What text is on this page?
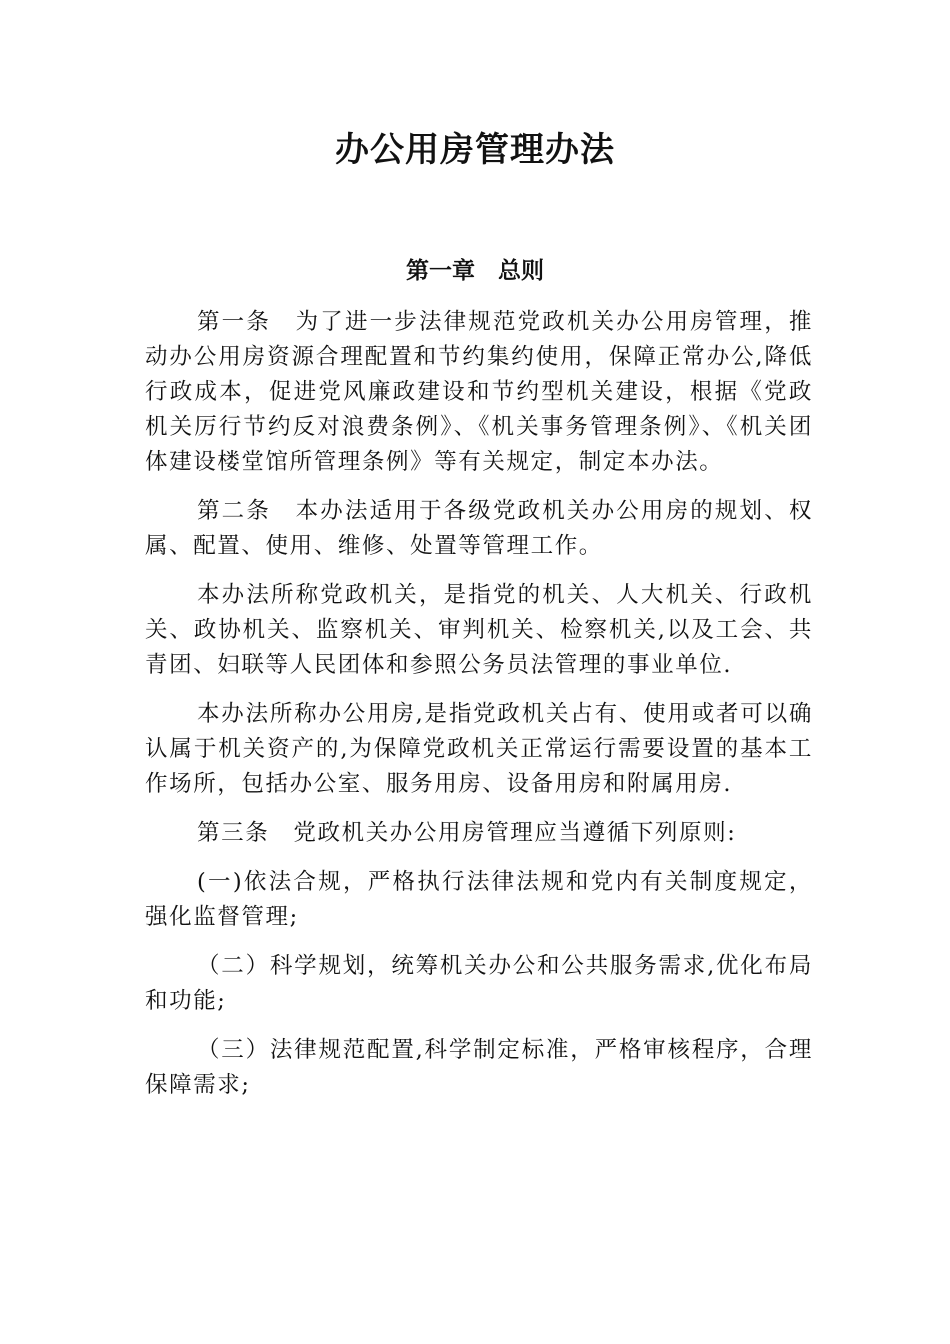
办公用房管理办法
第一章　总则

第一条　为了进一步法律规范党政机关办公用房管理，推动办公用房资源合理配置和节约集约使用，保障正常办公,降低行政成本，促进党风廉政建设和节约型机关建设，根据《党政机关厉行节约反对浪费条例》、《机关事务管理条例》、《机关团体建设楼堂馆所管理条例》等有关规定，制定本办法。

第二条　本办法适用于各级党政机关办公用房的规划、权属、配置、使用、维修、处置等管理工作。

本办法所称党政机关，是指党的机关、人大机关、行政机关、政协机关、监察机关、审判机关、检察机关,以及工会、共青团、妇联等人民团体和参照公务员法管理的事业单位.

本办法所称办公用房,是指党政机关占有、使用或者可以确认属于机关资产的,为保障党政机关正常运行需要设置的基本工作场所，包括办公室、服务用房、设备用房和附属用房.

第三条　党政机关办公用房管理应当遵循下列原则:

(一)依法合规，严格执行法律法规和党内有关制度规定，强化监督管理;

（二）科学规划，统筹机关办公和公共服务需求,优化布局和功能;

（三）法律规范配置,科学制定标准，严格审核程序，合理保障需求;
